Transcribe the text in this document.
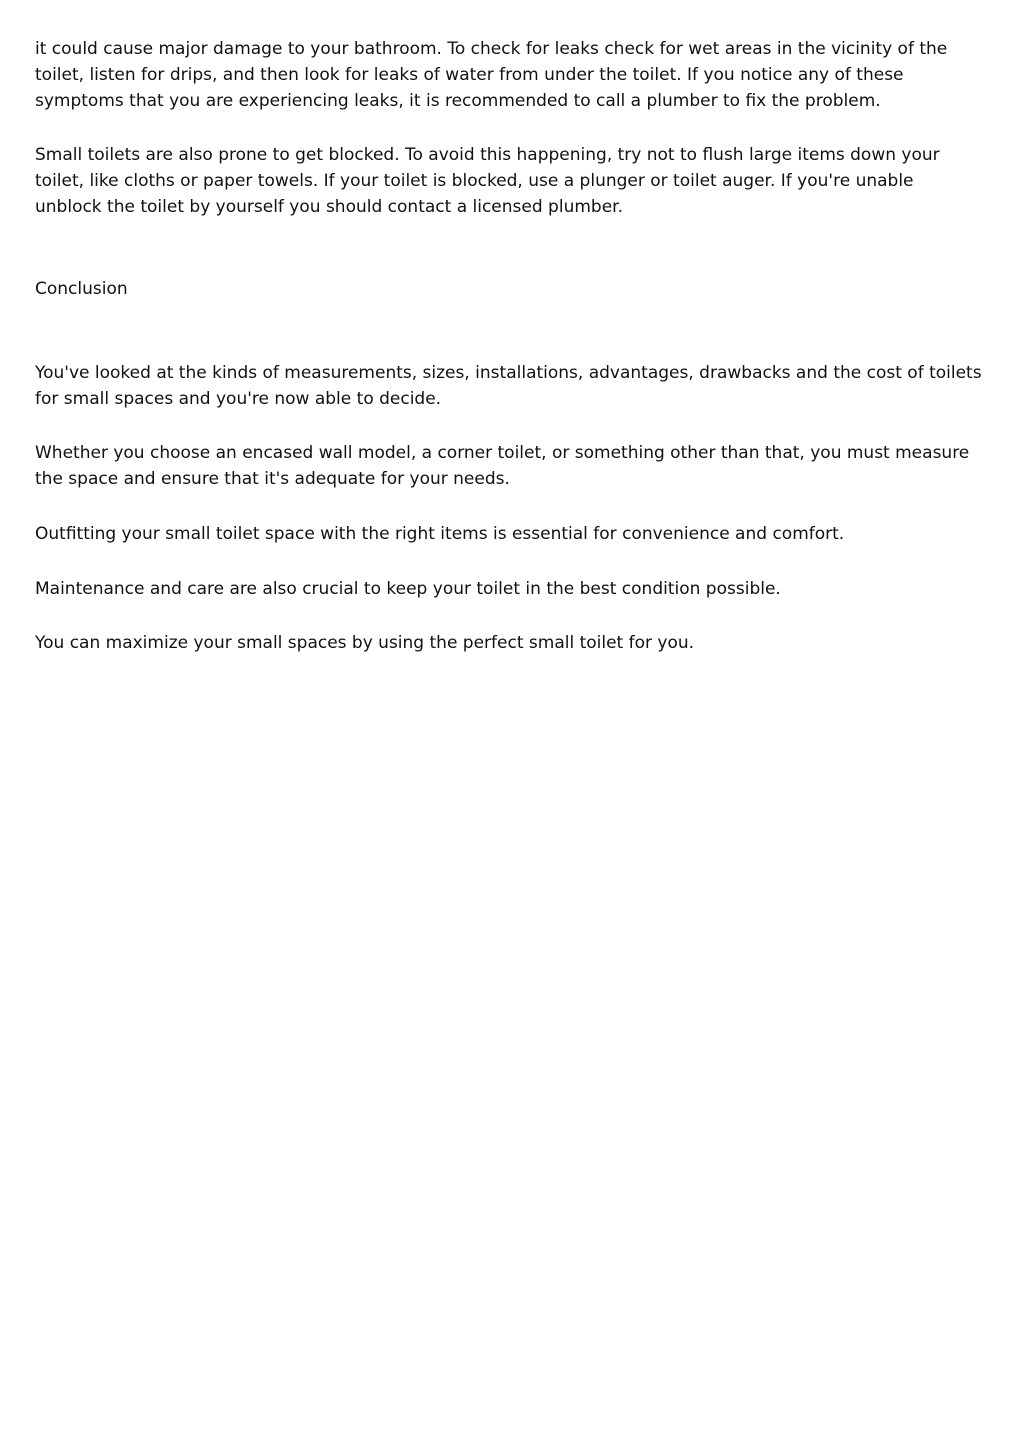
it could cause major damage to your bathroom. To check for leaks check for wet areas in the vicinity of the toilet, listen for drips, and then look for leaks of water from under the toilet. If you notice any of these symptoms that you are experiencing leaks, it is recommended to call a plumber to fix the problem.

Small toilets are also prone to get blocked. To avoid this happening, try not to flush large items down your toilet, like cloths or paper towels. If your toilet is blocked, use a plunger or toilet auger. If you're unable unblock the toilet by yourself you should contact a licensed plumber.

Conclusion

You've looked at the kinds of measurements, sizes, installations, advantages, drawbacks and the cost of toilets for small spaces and you're now able to decide.

Whether you choose an encased wall model, a corner toilet, or something other than that, you must measure the space and ensure that it's adequate for your needs.

Outfitting your small toilet space with the right items is essential for convenience and comfort.

Maintenance and care are also crucial to keep your toilet in the best condition possible.

You can maximize your small spaces by using the perfect small toilet for you.
